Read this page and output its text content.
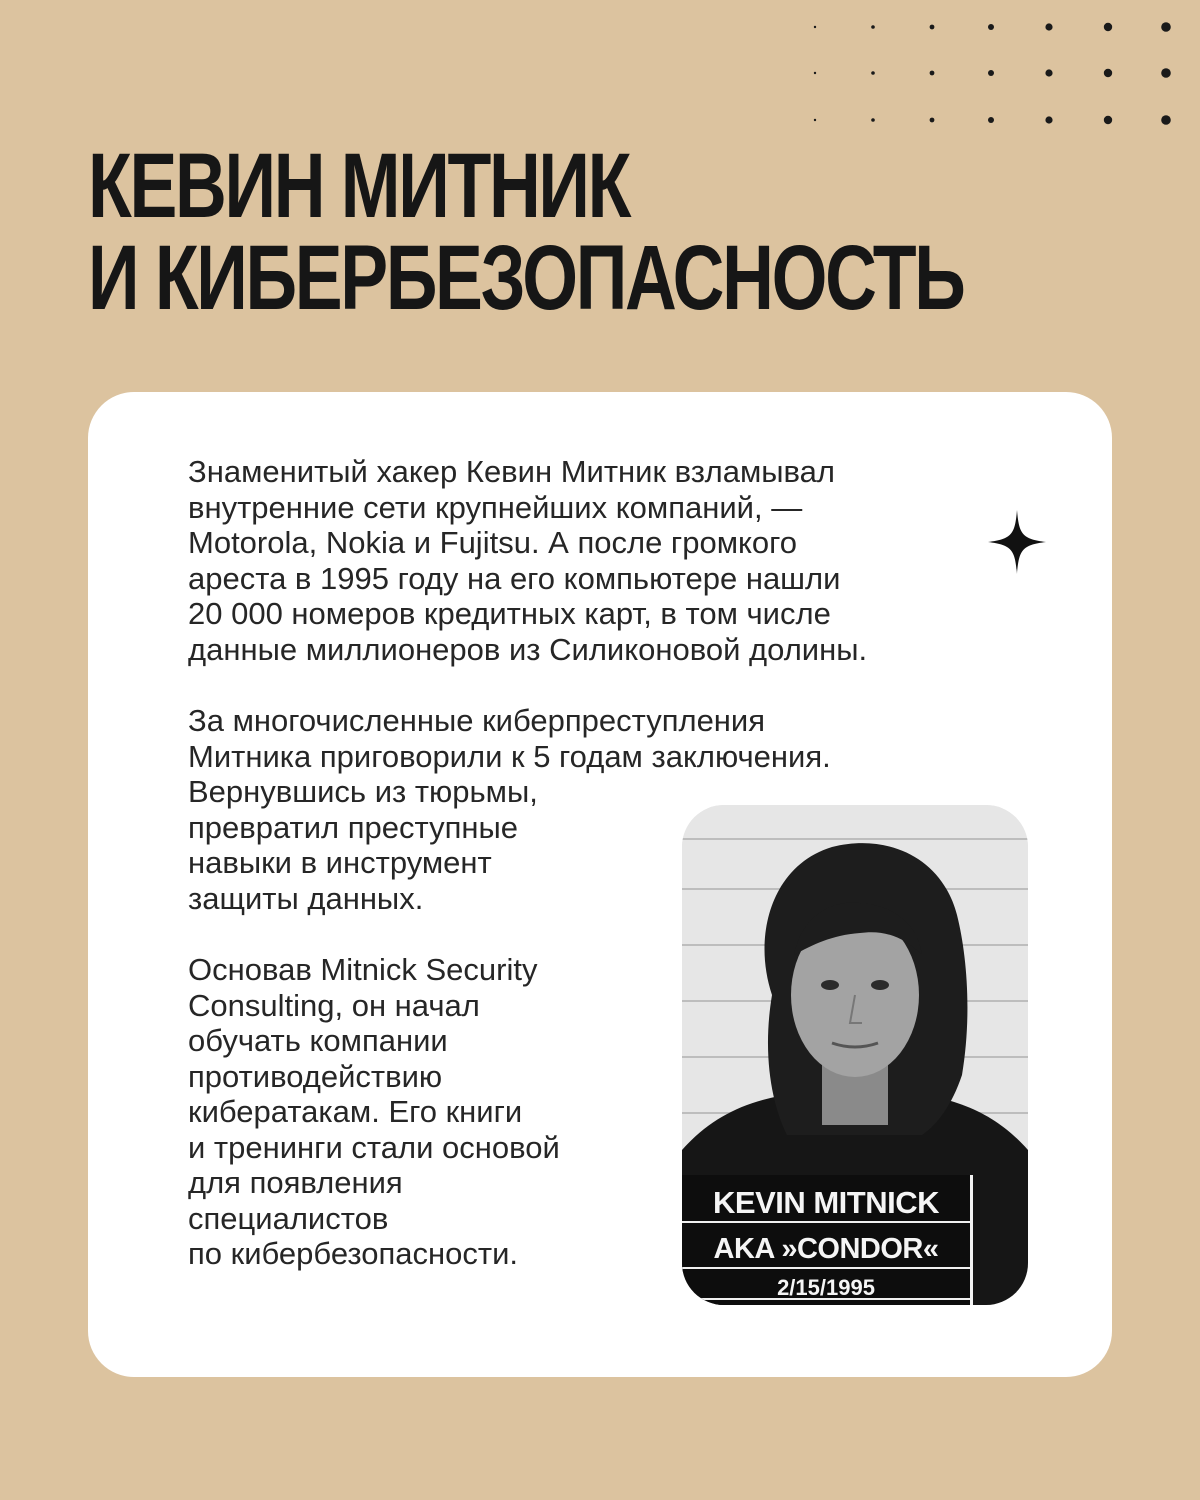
КЕВИН МИТНИК
И КИБЕРБЕЗОПАСНОСТЬ

Знаменитый хакер Кевин Митник взламывал

внутренние сети крупнейших компаний, —

Motorola, Nokia и Fujitsu. А после громкого

ареста в 1995 году на его компьютере нашли

20 000 номеров кредитных карт, в том числе

данные миллионеров из Силиконовой долины.

За многочисленные киберпреступления

Митника приговорили к 5 годам заключения.

Вернувшись из тюрьмы,

превратил преступные

навыки в инструмент

защиты данных.

Основав Mitnick Security

Consulting, он начал

обучать компании

противодействию

кибератакам. Его книги

и тренинги стали основой

для появления

специалистов

по кибербезопасности.

KEVIN MITNICK
AKA »CONDOR«
2/15/1995
